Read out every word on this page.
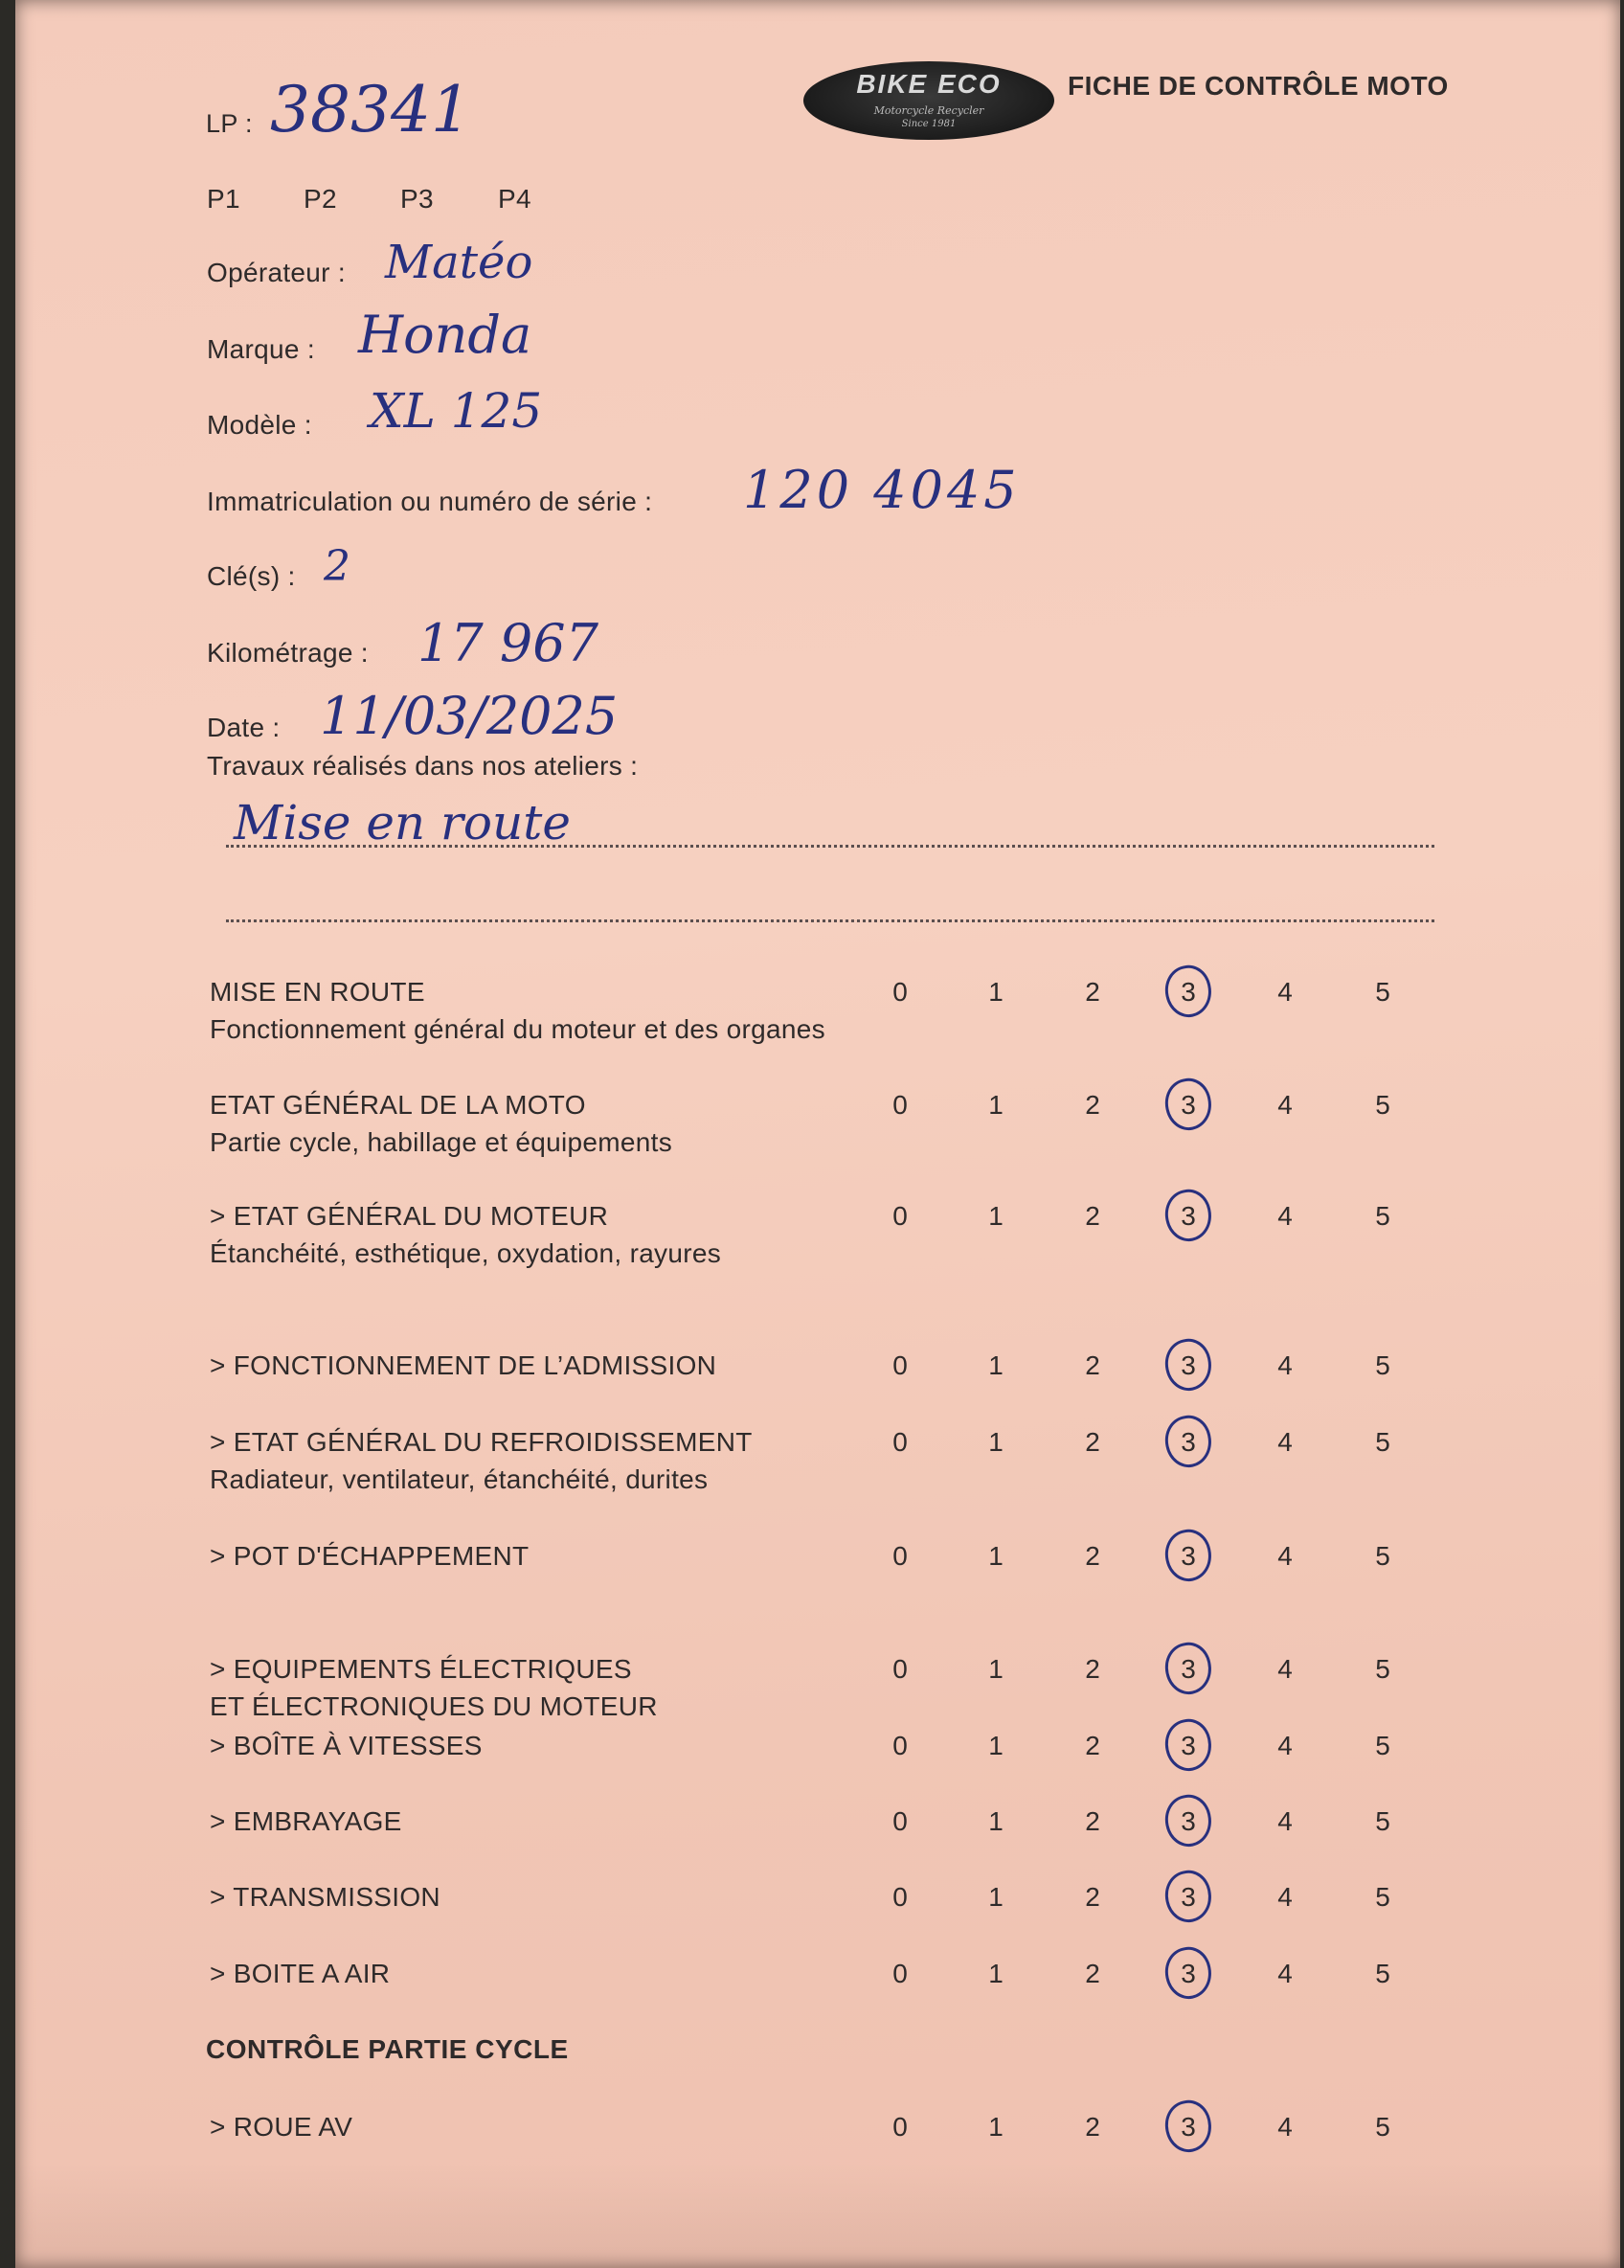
BIKE ECO
Motorcycle Recycler
Since 1981
FICHE DE CONTRÔLE MOTO
LP : 38341
P1 P2 P3 P4
Opérateur : Matéo
Marque : Honda
Modèle : XL 125
Immatriculation ou numéro de série : 120 4045
Clé(s) : 2
Kilométrage : 17 967
Date : 11/03/2025
Travaux réalisés dans nos ateliers :
Mise en route
MISE EN ROUTE
Fonctionnement général du moteur et des organes
0	1	2	3	4	5
ETAT GÉNÉRAL DE LA MOTO
Partie cycle, habillage et équipements
0	1	2	3	4	5
> ETAT GÉNÉRAL DU MOTEUR
Étanchéité, esthétique, oxydation, rayures
0	1	2	3	4	5
> FONCTIONNEMENT DE L’ADMISSION	0	1	2	3	4	5
> ETAT GÉNÉRAL DU REFROIDISSEMENT
Radiateur, ventilateur, étanchéité, durites
0	1	2	3	4	5
> POT D'ÉCHAPPEMENT	0	1	2	3	4	5
> EQUIPEMENTS ÉLECTRIQUES
ET ÉLECTRONIQUES DU MOTEUR
0	1	2	3	4	5
> BOÎTE À VITESSES	0	1	2	3	4	5
> EMBRAYAGE	0	1	2	3	4	5
> TRANSMISSION	0	1	2	3	4	5
> BOITE A AIR	0	1	2	3	4	5
CONTRÔLE PARTIE CYCLE
> ROUE AV	0	1	2	3	4	5
